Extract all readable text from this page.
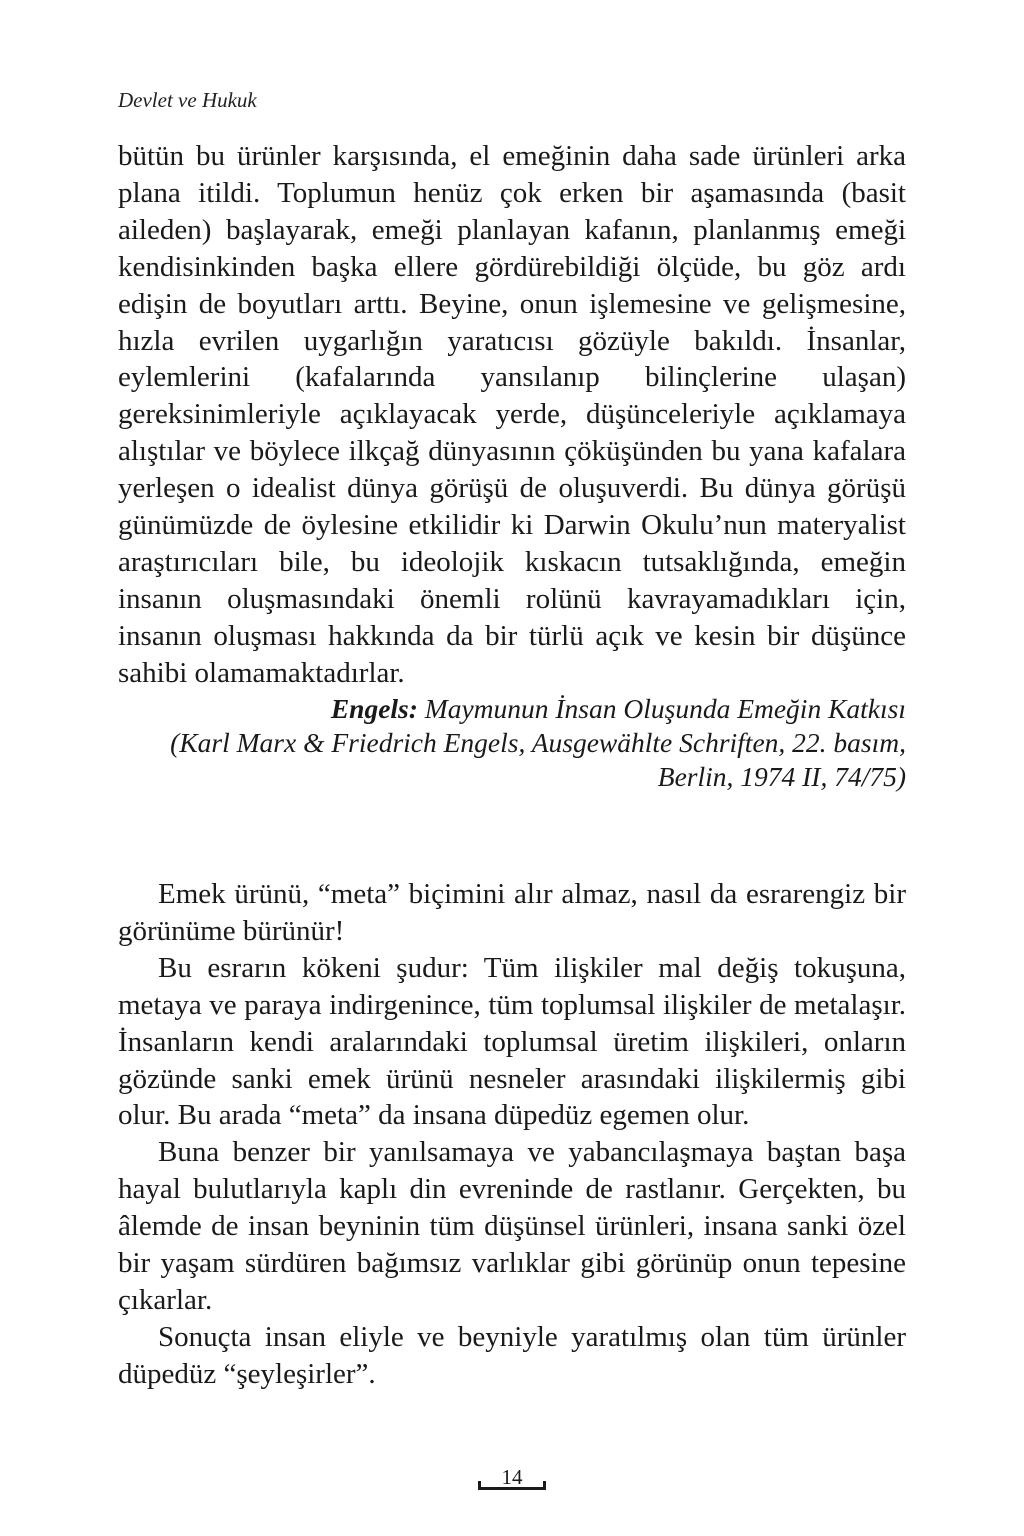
Devlet ve Hukuk

bütün bu ürünler karşısında, el emeğinin daha sade ürünleri arka plana itildi. Toplumun henüz çok erken bir aşamasında (basit aileden) başlayarak, emeği planlayan kafanın, planlanmış emeği kendisinkinden başka ellere gördürebildiği ölçüde, bu göz ardı edişin de boyutları arttı. Beyine, onun işlemesine ve gelişmesine, hızla evrilen uygarlığın yaratıcısı gözüyle bakıldı. İnsanlar, eylemlerini (kafalarında yansılanıp bilinçlerine ulaşan) gereksinimleriyle açıklayacak yerde, düşünceleriyle açıklamaya alıştılar ve böylece ilkçağ dünyasının çöküşünden bu yana kafalara yerleşen o idealist dünya görüşü de oluşuverdi. Bu dünya görüşü günümüzde de öylesine etkilidir ki Darwin Okulu’nun materyalist araştırıcıları bile, bu ideolojik kıskacın tutsaklığında, emeğin insanın oluşmasındaki önemli rolünü kavrayamadıkları için, insanın oluşması hakkında da bir türlü açık ve kesin bir düşünce sahibi olamamaktadırlar.

Engels: Maymunun İnsan Oluşunda Emeğin Katkısı
(Karl Marx & Friedrich Engels, Ausgewählte Schriften, 22. basım,
Berlin, 1974 II, 74/75)

Emek ürünü, “meta” biçimini alır almaz, nasıl da esrarengiz bir görünüme bürünür!

Bu esrarın kökeni şudur: Tüm ilişkiler mal değiş tokuşuna, metaya ve paraya indirgenince, tüm toplumsal ilişkiler de metalaşır. İnsanların kendi aralarındaki toplumsal üretim ilişkileri, onların gözünde sanki emek ürünü nesneler arasındaki ilişkilermiş gibi olur. Bu arada “meta” da insana düpedüz egemen olur.

Buna benzer bir yanılsamaya ve yabancılaşmaya baştan başa hayal bulutlarıyla kaplı din evreninde de rastlanır. Gerçekten, bu âlemde de insan beyninin tüm düşünsel ürünleri, insana sanki özel bir yaşam sürdüren bağımsız varlıklar gibi görünüp onun tepesine çıkarlar.

Sonuçta insan eliyle ve beyniyle yaratılmış olan tüm ürünler düpedüz “şeyleşirler”.

14
